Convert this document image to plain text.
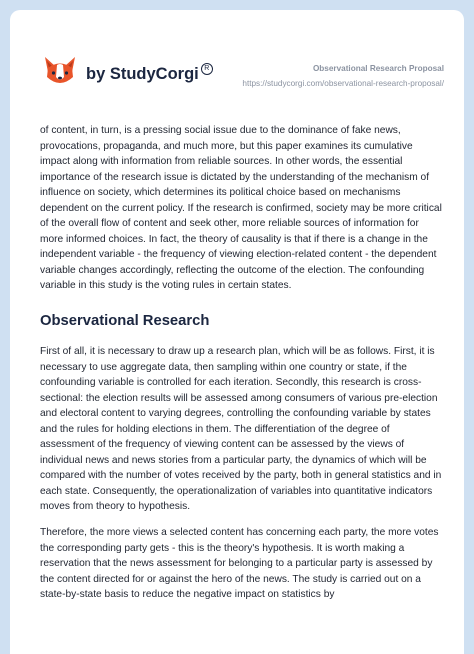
by StudyCorgi R	Observational Research Proposal
https://studycorgi.com/observational-research-proposal/

of content, in turn, is a pressing social issue due to the dominance of fake news, provocations, propaganda, and much more, but this paper examines its cumulative impact along with information from reliable sources. In other words, the essential importance of the research issue is dictated by the understanding of the mechanism of influence on society, which determines its political choice based on mechanisms dependent on the current policy. If the research is confirmed, society may be more critical of the overall flow of content and seek other, more reliable sources of information for more informed choices. In fact, the theory of causality is that if there is a change in the independent variable - the frequency of viewing election-related content - the dependent variable changes accordingly, reflecting the outcome of the election. The confounding variable in this study is the voting rules in certain states.

Observational Research

First of all, it is necessary to draw up a research plan, which will be as follows. First, it is necessary to use aggregate data, then sampling within one country or state, if the confounding variable is controlled for each iteration. Secondly, this research is cross-sectional: the election results will be assessed among consumers of various pre-election and electoral content to varying degrees, controlling the confounding variable by states and the rules for holding elections in them. The differentiation of the degree of assessment of the frequency of viewing content can be assessed by the views of individual news and news stories from a particular party, the dynamics of which will be compared with the number of votes received by the party, both in general statistics and in each state. Consequently, the operationalization of variables into quantitative indicators moves from theory to hypothesis.

Therefore, the more views a selected content has concerning each party, the more votes the corresponding party gets - this is the theory's hypothesis. It is worth making a reservation that the news assessment for belonging to a particular party is assessed by the content directed for or against the hero of the news. The study is carried out on a state-by-state basis to reduce the negative impact on statistics by
